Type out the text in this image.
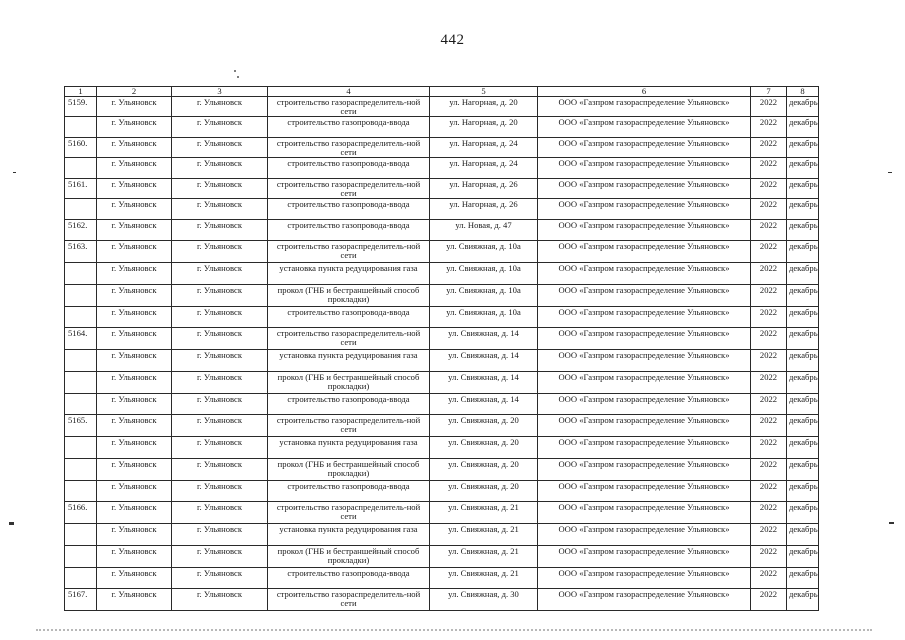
442
1	2	3	4	5	6	7	8
5159.	г. Ульяновск	г. Ульяновск	строительство газораспределитель-ной сети	ул. Нагорная, д. 20	ООО «Газпром газораспределение Ульяновск»	2022	декабрь
	г. Ульяновск	г. Ульяновск	строительство газопровода-ввода	ул. Нагорная, д. 20	ООО «Газпром газораспределение Ульяновск»	2022	декабрь
5160.	г. Ульяновск	г. Ульяновск	строительство газораспределитель-ной сети	ул. Нагорная, д. 24	ООО «Газпром газораспределение Ульяновск»	2022	декабрь
	г. Ульяновск	г. Ульяновск	строительство газопровода-ввода	ул. Нагорная, д. 24	ООО «Газпром газораспределение Ульяновск»	2022	декабрь
5161.	г. Ульяновск	г. Ульяновск	строительство газораспределитель-ной сети	ул. Нагорная, д. 26	ООО «Газпром газораспределение Ульяновск»	2022	декабрь
	г. Ульяновск	г. Ульяновск	строительство газопровода-ввода	ул. Нагорная, д. 26	ООО «Газпром газораспределение Ульяновск»	2022	декабрь
5162.	г. Ульяновск	г. Ульяновск	строительство газопровода-ввода	ул. Новая, д. 47	ООО «Газпром газораспределение Ульяновск»	2022	декабрь
5163.	г. Ульяновск	г. Ульяновск	строительство газораспределитель-ной сети	ул. Свияжная, д. 10а	ООО «Газпром газораспределение Ульяновск»	2022	декабрь
	г. Ульяновск	г. Ульяновск	установка пункта редуцирования газа	ул. Свияжная, д. 10а	ООО «Газпром газораспределение Ульяновск»	2022	декабрь
	г. Ульяновск	г. Ульяновск	прокол (ГНБ и бестраншейный способ прокладки)	ул. Свияжная, д. 10а	ООО «Газпром газораспределение Ульяновск»	2022	декабрь
	г. Ульяновск	г. Ульяновск	строительство газопровода-ввода	ул. Свияжная, д. 10а	ООО «Газпром газораспределение Ульяновск»	2022	декабрь
5164.	г. Ульяновск	г. Ульяновск	строительство газораспределитель-ной сети	ул. Свияжная, д. 14	ООО «Газпром газораспределение Ульяновск»	2022	декабрь
	г. Ульяновск	г. Ульяновск	установка пункта редуцирования газа	ул. Свияжная, д. 14	ООО «Газпром газораспределение Ульяновск»	2022	декабрь
	г. Ульяновск	г. Ульяновск	прокол (ГНБ и бестраншейный способ прокладки)	ул. Свияжная, д. 14	ООО «Газпром газораспределение Ульяновск»	2022	декабрь
	г. Ульяновск	г. Ульяновск	строительство газопровода-ввода	ул. Свияжная, д. 14	ООО «Газпром газораспределение Ульяновск»	2022	декабрь
5165.	г. Ульяновск	г. Ульяновск	строительство газораспределитель-ной сети	ул. Свияжная, д. 20	ООО «Газпром газораспределение Ульяновск»	2022	декабрь
	г. Ульяновск	г. Ульяновск	установка пункта редуцирования газа	ул. Свияжная, д. 20	ООО «Газпром газораспределение Ульяновск»	2022	декабрь
	г. Ульяновск	г. Ульяновск	прокол (ГНБ и бестраншейный способ прокладки)	ул. Свияжная, д. 20	ООО «Газпром газораспределение Ульяновск»	2022	декабрь
	г. Ульяновск	г. Ульяновск	строительство газопровода-ввода	ул. Свияжная, д. 20	ООО «Газпром газораспределение Ульяновск»	2022	декабрь
5166.	г. Ульяновск	г. Ульяновск	строительство газораспределитель-ной сети	ул. Свияжная, д. 21	ООО «Газпром газораспределение Ульяновск»	2022	декабрь
	г. Ульяновск	г. Ульяновск	установка пункта редуцирования газа	ул. Свияжная, д. 21	ООО «Газпром газораспределение Ульяновск»	2022	декабрь
	г. Ульяновск	г. Ульяновск	прокол (ГНБ и бестраншейный способ прокладки)	ул. Свияжная, д. 21	ООО «Газпром газораспределение Ульяновск»	2022	декабрь
	г. Ульяновск	г. Ульяновск	строительство газопровода-ввода	ул. Свияжная, д. 21	ООО «Газпром газораспределение Ульяновск»	2022	декабрь
5167.	г. Ульяновск	г. Ульяновск	строительство газораспределитель-ной сети	ул. Свияжная, д. 30	ООО «Газпром газораспределение Ульяновск»	2022	декабрь
